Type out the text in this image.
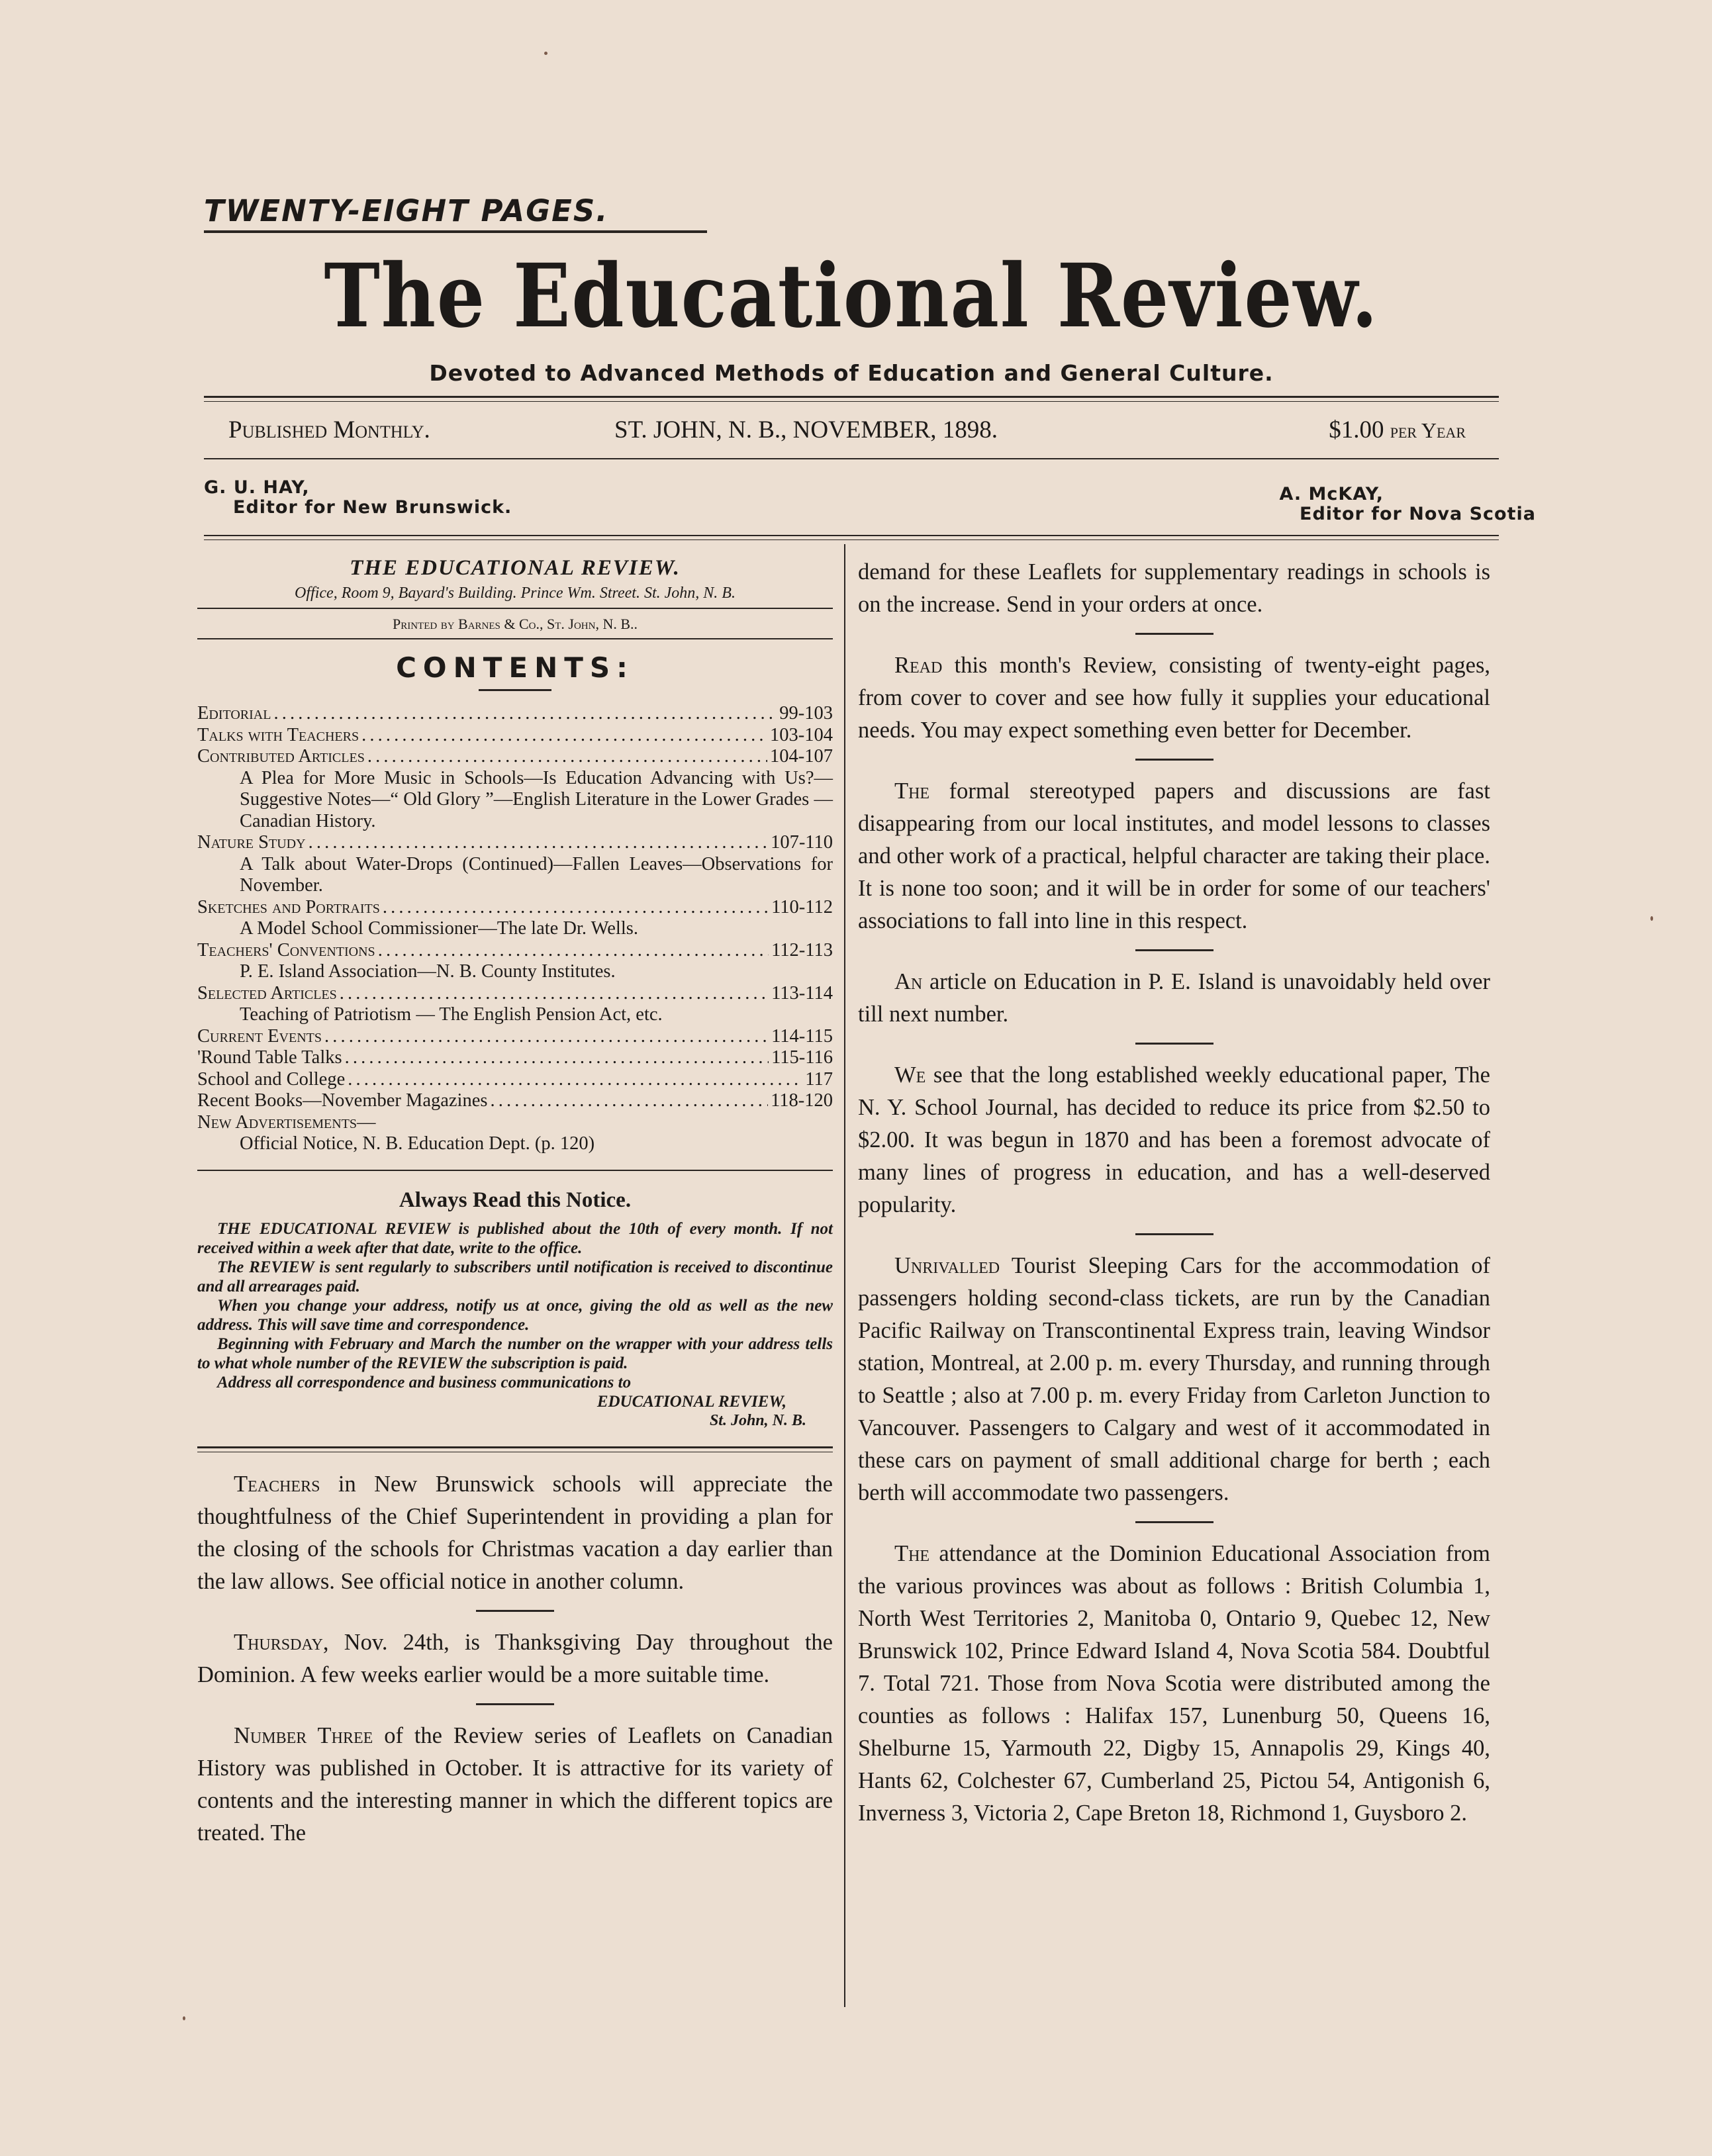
TWENTY-EIGHT PAGES.
The Educational Review.
Devoted to Advanced Methods of Education and General Culture.
Published Monthly.	ST. JOHN, N. B., NOVEMBER, 1898.	$1.00 per Year
G. U. HAY,
Editor for New Brunswick.
A. McKAY,
Editor for Nova Scotia
THE EDUCATIONAL REVIEW.
Office, Room 9, Bayard's Building. Prince Wm. Street. St. John, N. B.
Printed by Barnes & Co., St. John, N. B..
CONTENTS:
Editorial . . .	99-103
Talks with Teachers . . .	103-104
Contributed Articles . . .	104-107
A Plea for More Music in Schools—Is Education Advancing with Us?—Suggestive Notes—“ Old Glory ”—English Literature in the Lower Grades — Canadian History.
Nature Study . . .	107-110
A Talk about Water-Drops (Continued)—Fallen Leaves—Observations for November.
Sketches and Portraits . . .	110-112
A Model School Commissioner—The late Dr. Wells.
Teachers' Conventions . . .	112-113
P. E. Island Association—N. B. County Institutes.
Selected Articles . . .	113-114
Teaching of Patriotism — The English Pension Act, etc.
Current Events . . .	114-115
'Round Table Talks . . .	115-116
School and College . . .	117
Recent Books—November Magazines . . .	118-120
New Advertisements—
Official Notice, N. B. Education Dept. (p. 120)
Always Read this Notice.

THE EDUCATIONAL REVIEW is published about the 10th of every month. If not received within a week after that date, write to the office.

The REVIEW is sent regularly to subscribers until notification is received to discontinue and all arrearages paid.

When you change your address, notify us at once, giving the old as well as the new address. This will save time and correspondence.

Beginning with February and March the number on the wrapper with your address tells to what whole number of the REVIEW the subscription is paid.

Address all correspondence and business communications to

EDUCATIONAL REVIEW,

St. John, N. B.

Teachers in New Brunswick schools will appreciate the thoughtfulness of the Chief Superintendent in providing a plan for the closing of the schools for Christmas vacation a day earlier than the law allows. See official notice in another column.

Thursday, Nov. 24th, is Thanksgiving Day throughout the Dominion. A few weeks earlier would be a more suitable time.

Number Three of the Review series of Leaflets on Canadian History was published in October. It is attractive for its variety of contents and the interesting manner in which the different topics are treated. The

demand for these Leaflets for supplementary readings in schools is on the increase. Send in your orders at once.

Read this month's Review, consisting of twenty-eight pages, from cover to cover and see how fully it supplies your educational needs. You may expect something even better for December.

The formal stereotyped papers and discussions are fast disappearing from our local institutes, and model lessons to classes and other work of a practical, helpful character are taking their place. It is none too soon; and it will be in order for some of our teachers' associations to fall into line in this respect.

An article on Education in P. E. Island is unavoidably held over till next number.

We see that the long established weekly educational paper, The N. Y. School Journal, has decided to reduce its price from $2.50 to $2.00. It was begun in 1870 and has been a foremost advocate of many lines of progress in education, and has a well-deserved popularity.

Unrivalled Tourist Sleeping Cars for the accommodation of passengers holding second-class tickets, are run by the Canadian Pacific Railway on Transcontinental Express train, leaving Windsor station, Montreal, at 2.00 p. m. every Thursday, and running through to Seattle ; also at 7.00 p. m. every Friday from Carleton Junction to Vancouver. Passengers to Calgary and west of it accommodated in these cars on payment of small additional charge for berth ; each berth will accommodate two passengers.

The attendance at the Dominion Educational Association from the various provinces was about as follows : British Columbia 1, North West Territories 2, Manitoba 0, Ontario 9, Quebec 12, New Brunswick 102, Prince Edward Island 4, Nova Scotia 584. Doubtful 7. Total 721. Those from Nova Scotia were distributed among the counties as follows : Halifax 157, Lunenburg 50, Queens 16, Shelburne 15, Yarmouth 22, Digby 15, Annapolis 29, Kings 40, Hants 62, Colchester 67, Cumberland 25, Pictou 54, Antigonish 6, Inverness 3, Victoria 2, Cape Breton 18, Richmond 1, Guysboro 2.
